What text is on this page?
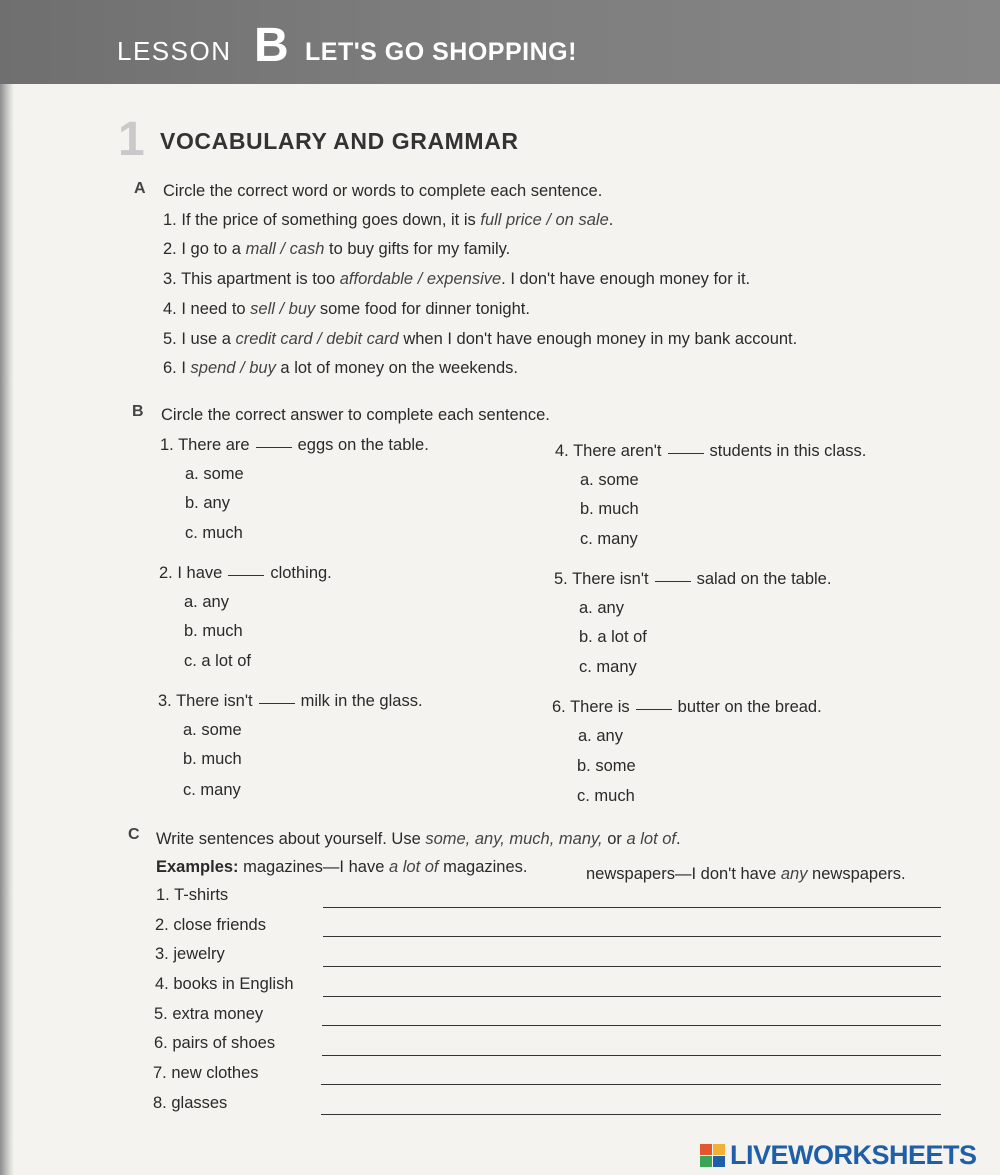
LESSON B LET'S GO SHOPPING!
1 VOCABULARY AND GRAMMAR
A Circle the correct word or words to complete each sentence.
1. If the price of something goes down, it is full price / on sale.
2. I go to a mall / cash to buy gifts for my family.
3. This apartment is too affordable / expensive. I don't have enough money for it.
4. I need to sell / buy some food for dinner tonight.
5. I use a credit card / debit card when I don't have enough money in my bank account.
6. I spend / buy a lot of money on the weekends.
B Circle the correct answer to complete each sentence.
1. There are	eggs on the table.
a. some
b. any
c. much
2. I have	clothing.
a. any
b. much
c. a lot of
3. There isn't	milk in the glass.
a. some
b. much
c. many
4. There aren't	students in this class.
a. some
b. much
c. many
5. There isn't	salad on the table.
a. any
b. a lot of
c. many
6. There is	butter on the bread.
a. any
b. some
c. much
C Write sentences about yourself. Use some, any, much, many, or a lot of.
Examples: magazines—I have a lot of magazines.	newspapers—I don't have any newspapers.
1. T-shirts
2. close friends
3. jewelry
4. books in English
5. extra money
6. pairs of shoes
7. new clothes
8. glasses
LIVEWORKSHEETS
